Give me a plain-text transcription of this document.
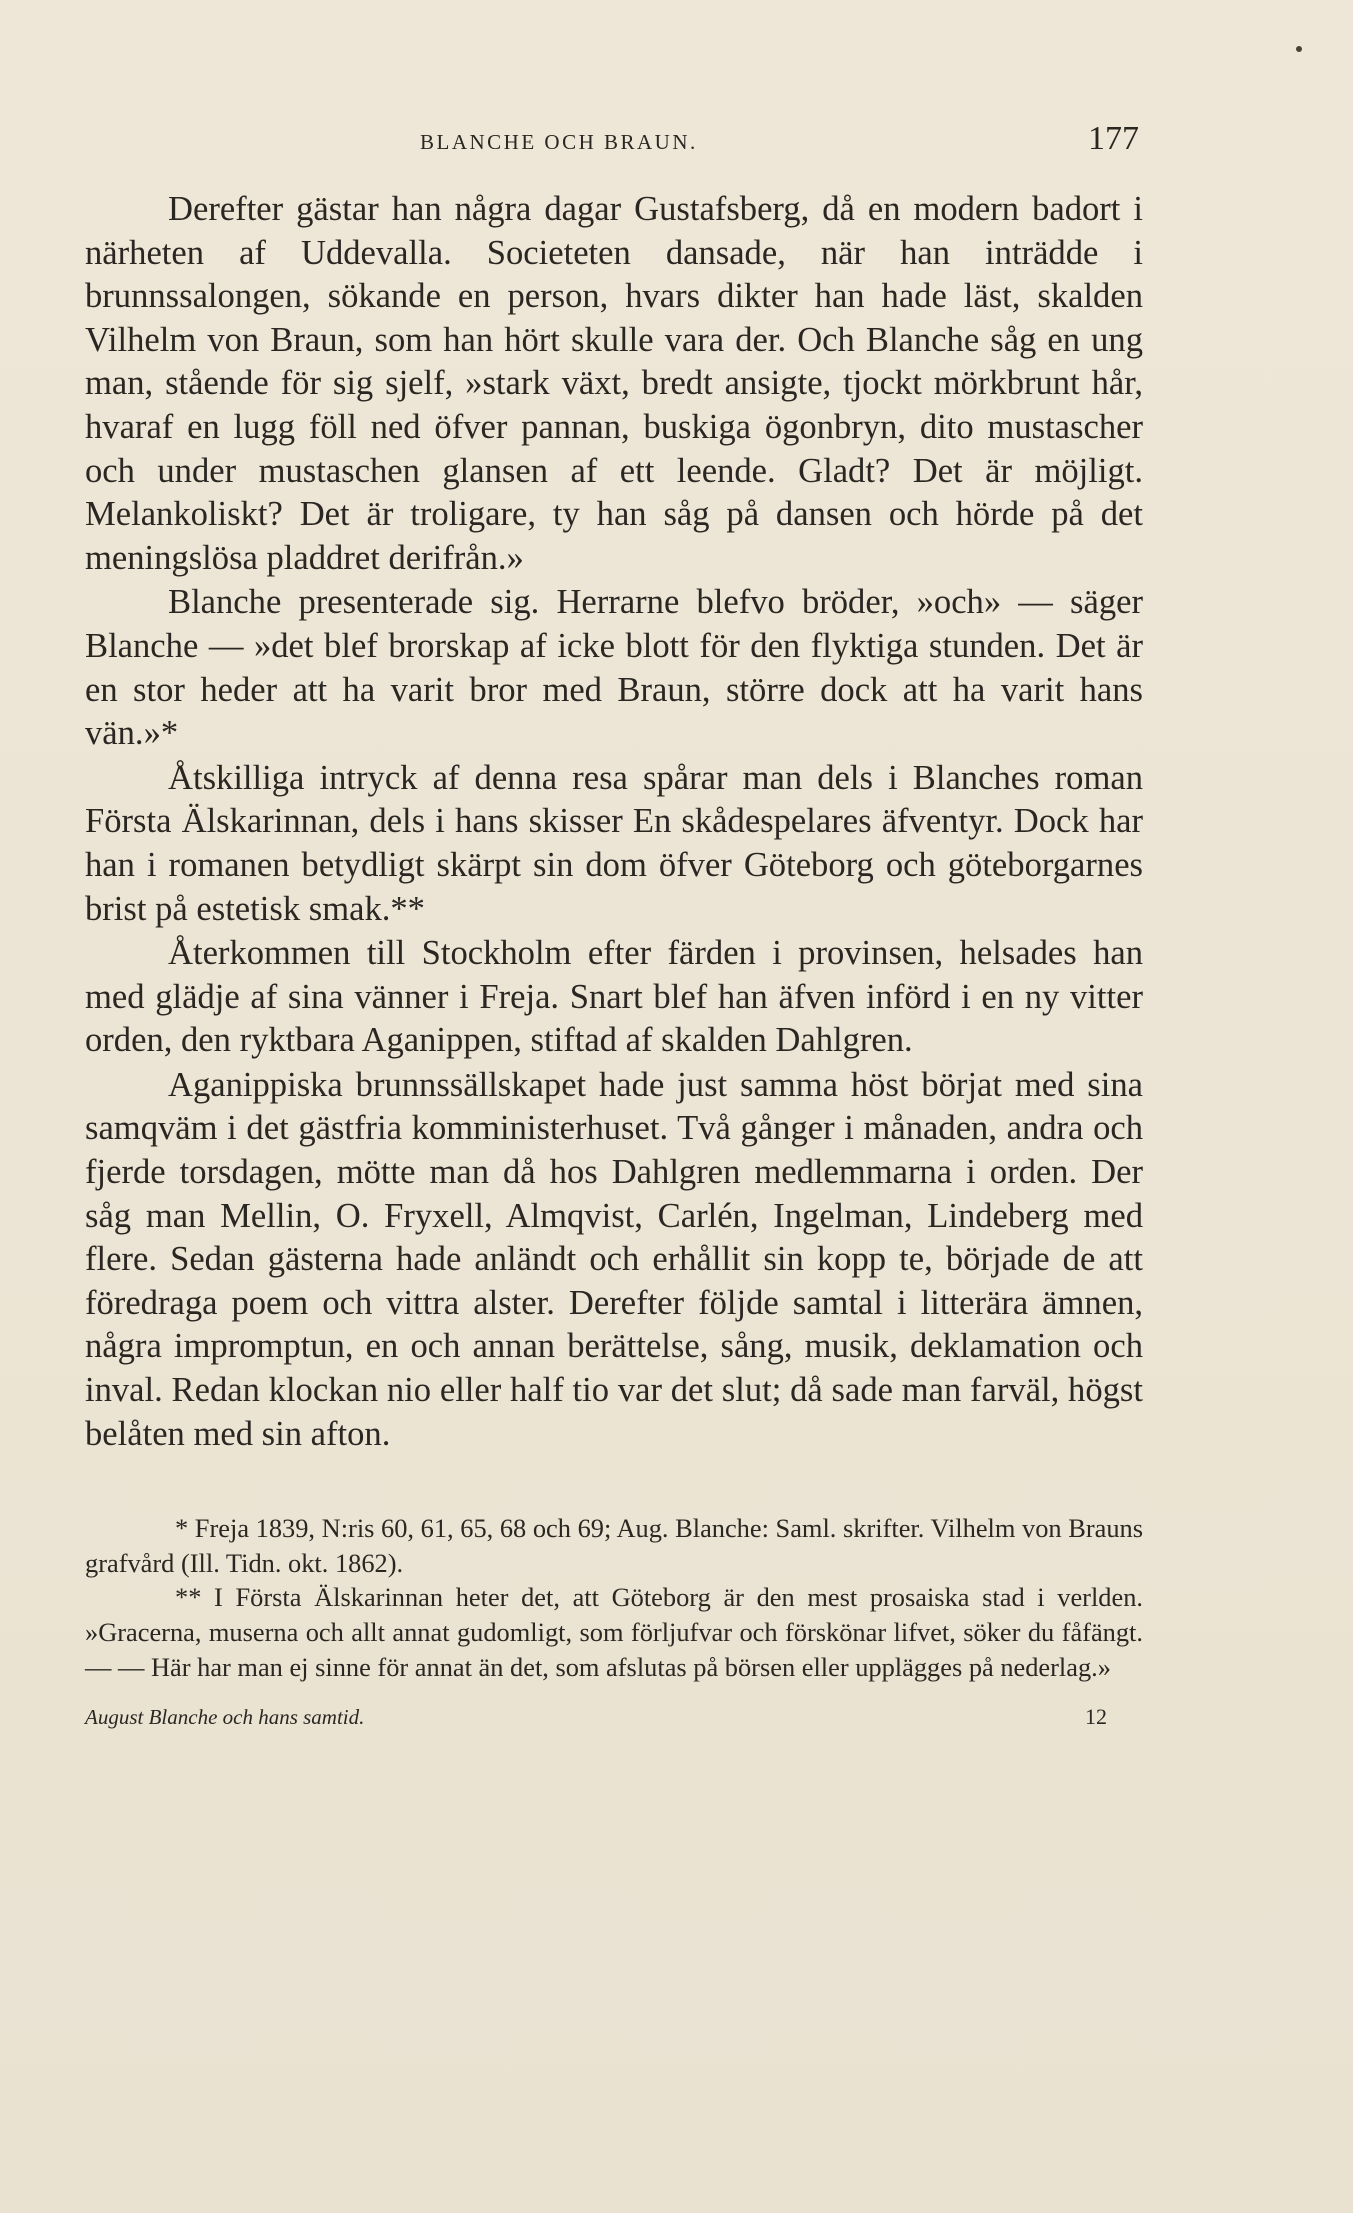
BLANCHE OCH BRAUN.	177

Derefter gästar han några dagar Gustafsberg, då en modern badort i närheten af Uddevalla. Societeten dansade, när han inträdde i brunnssalongen, sökande en person, hvars dikter han hade läst, skalden Vilhelm von Braun, som han hört skulle vara der. Och Blanche såg en ung man, stående för sig sjelf, »stark växt, bredt ansigte, tjockt mörkbrunt hår, hvaraf en lugg föll ned öfver pannan, buskiga ögonbryn, dito mustascher och under mustaschen glansen af ett leende. Gladt? Det är möjligt. Melankoliskt? Det är troligare, ty han såg på dansen och hörde på det meningslösa pladdret derifrån.»

Blanche presenterade sig. Herrarne blefvo bröder, »och» — säger Blanche — »det blef brorskap af icke blott för den flyktiga stunden. Det är en stor heder att ha varit bror med Braun, större dock att ha varit hans vän.»*

Åtskilliga intryck af denna resa spårar man dels i Blanches roman Första Älskarinnan, dels i hans skisser En skådespelares äfventyr. Dock har han i romanen betydligt skärpt sin dom öfver Göteborg och göteborgarnes brist på estetisk smak.**

Återkommen till Stockholm efter färden i provinsen, helsades han med glädje af sina vänner i Freja. Snart blef han äfven införd i en ny vitter orden, den ryktbara Aganippen, stiftad af skalden Dahlgren.

Aganippiska brunnssällskapet hade just samma höst börjat med sina samqväm i det gästfria komministerhuset. Två gånger i månaden, andra och fjerde torsdagen, mötte man då hos Dahlgren medlemmarna i orden. Der såg man Mellin, O. Fryxell, Almqvist, Carlén, Ingelman, Lindeberg med flere. Sedan gästerna hade anländt och erhållit sin kopp te, började de att föredraga poem och vittra alster. Derefter följde samtal i litterära ämnen, några impromptun, en och annan berättelse, sång, musik, deklamation och inval. Redan klockan nio eller half tio var det slut; då sade man farväl, högst belåten med sin afton.

* Freja 1839, N:ris 60, 61, 65, 68 och 69; Aug. Blanche: Saml. skrifter. Vilhelm von Brauns grafvård (Ill. Tidn. okt. 1862).

** I Första Älskarinnan heter det, att Göteborg är den mest prosaiska stad i verlden. »Gracerna, muserna och allt annat gudomligt, som förljufvar och förskönar lifvet, söker du fåfängt. — — Här har man ej sinne för annat än det, som afslutas på börsen eller upplägges på nederlag.»

August Blanche och hans samtid.	12
